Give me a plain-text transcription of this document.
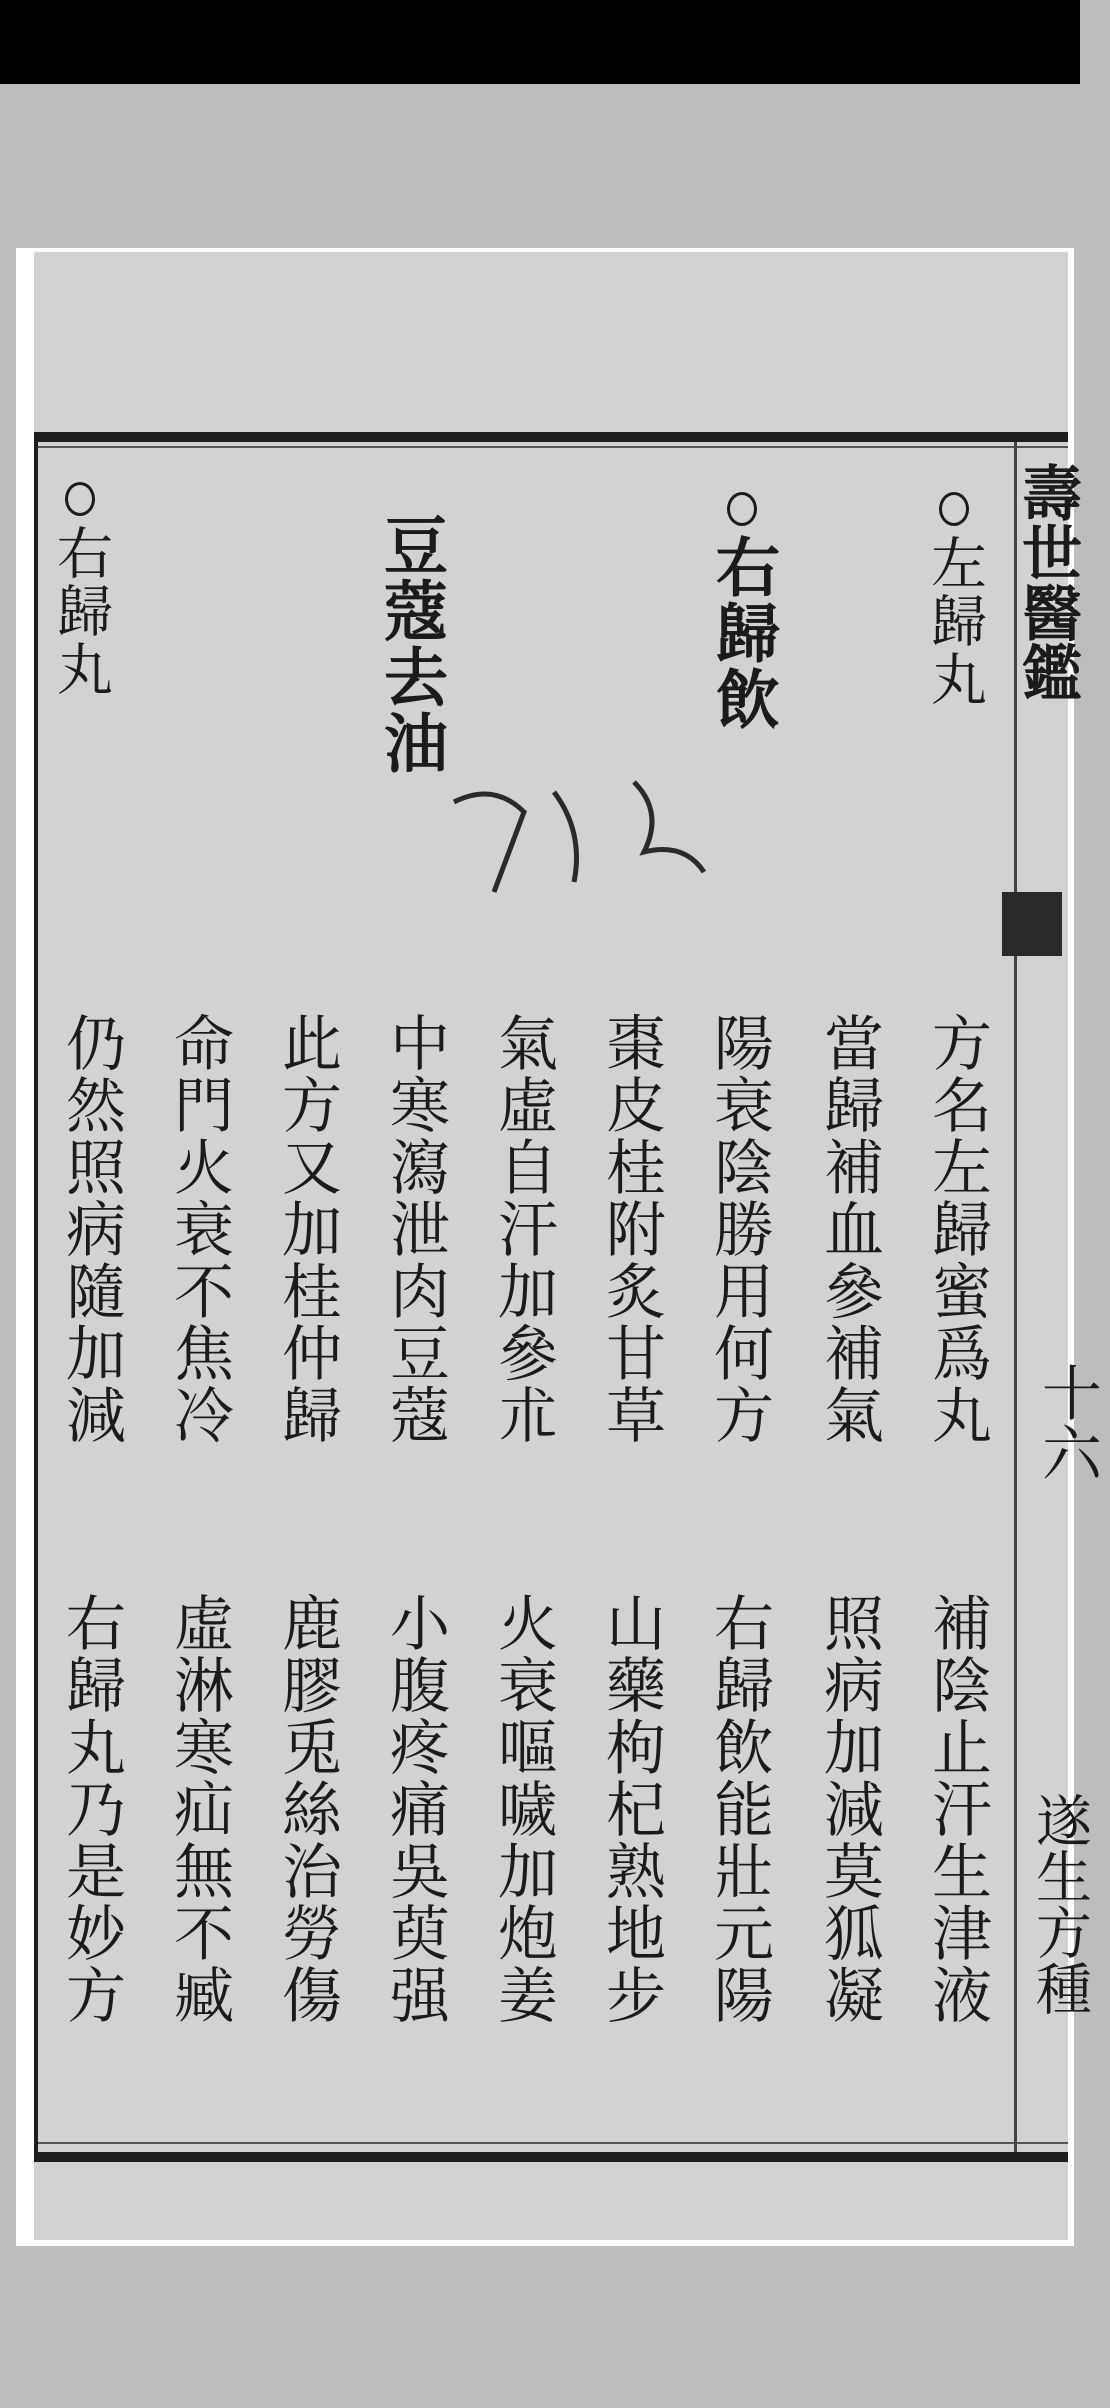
壽世醫鑑
十六
遂生方種
左歸丸
右歸飲
豆蔻去油
右歸丸
方名左歸蜜爲丸
當歸補血參補氣
陽衰陰勝用何方
棗皮桂附炙甘草
氣虛自汗加參朮
中寒瀉泄肉豆蔻
此方又加桂仲歸
命門火衰不焦冷
仍然照病隨加減
補陰止汗生津液
照病加減莫狐凝
右歸飲能壯元陽
山藥枸杞熟地步
火衰嘔噦加炮姜
小腹疼痛吳萸强
鹿膠兎絲治勞傷
虛淋寒疝無不臧
右歸丸乃是妙方
